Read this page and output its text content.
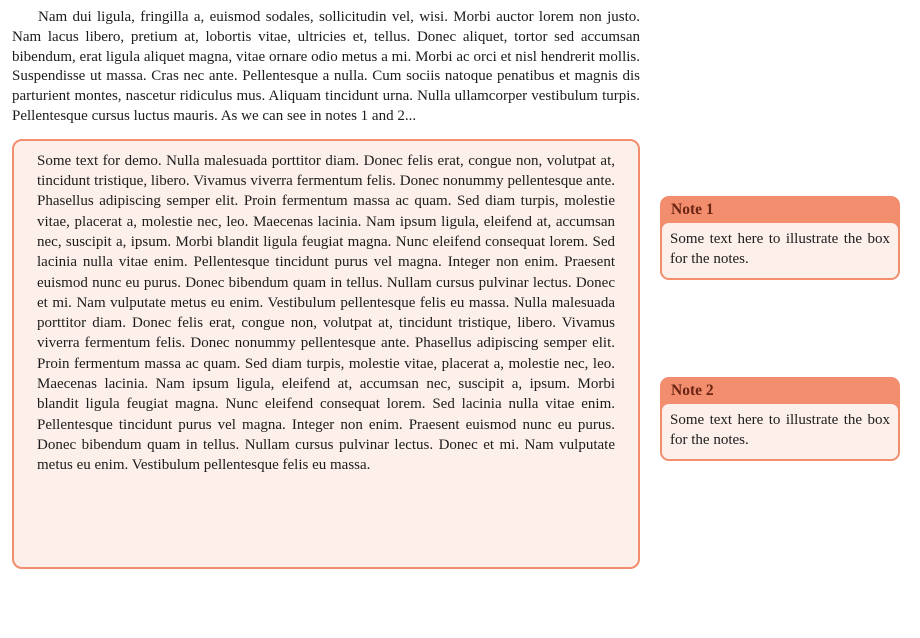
Nam dui ligula, fringilla a, euismod sodales, sollicitudin vel, wisi. Morbi auctor lorem non justo. Nam lacus libero, pretium at, lobortis vitae, ultricies et, tellus. Donec aliquet, tortor sed accumsan bibendum, erat ligula aliquet magna, vitae ornare odio metus a mi. Morbi ac orci et nisl hendrerit mollis. Suspendisse ut massa. Cras nec ante. Pellentesque a nulla. Cum sociis natoque penatibus et magnis dis parturient montes, nascetur ridiculus mus. Aliquam tincidunt urna. Nulla ullamcorper vestibulum turpis. Pellentesque cursus luctus mauris. As we can see in notes 1 and 2...

Some text for demo. Nulla malesuada porttitor diam. Donec felis erat, congue non, volutpat at, tincidunt tristique, libero. Vivamus viverra fermentum felis. Donec nonummy pellentesque ante. Phasellus adipiscing semper elit. Proin fermentum massa ac quam. Sed diam turpis, molestie vitae, placerat a, molestie nec, leo. Maecenas lacinia. Nam ipsum ligula, eleifend at, accumsan nec, suscipit a, ipsum. Morbi blandit ligula feugiat magna. Nunc eleifend consequat lorem. Sed lacinia nulla vitae enim. Pellentesque tincidunt purus vel magna. Integer non enim. Praesent euismod nunc eu purus. Donec bibendum quam in tellus. Nullam cursus pulvinar lectus. Donec et mi. Nam vulputate metus eu enim. Vestibulum pellentesque felis eu massa. Nulla malesuada porttitor diam. Donec felis erat, congue non, volutpat at, tincidunt tristique, libero. Vivamus viverra fermentum felis. Donec nonummy pellentesque ante. Phasellus adipiscing semper elit. Proin fermentum massa ac quam. Sed diam turpis, molestie vitae, placerat a, molestie nec, leo. Maecenas lacinia. Nam ipsum ligula, eleifend at, accumsan nec, suscipit a, ipsum. Morbi blandit ligula feugiat magna. Nunc eleifend consequat lorem. Sed lacinia nulla vitae enim. Pellentesque tincidunt purus vel magna. Integer non enim. Praesent euismod nunc eu purus. Donec bibendum quam in tellus. Nullam cursus pulvinar lectus. Donec et mi. Nam vulputate metus eu enim. Vestibulum pellentesque felis eu massa.

Note 1
Some text here to illustrate the box for the notes.
Note 2
Some text here to illustrate the box for the notes.
